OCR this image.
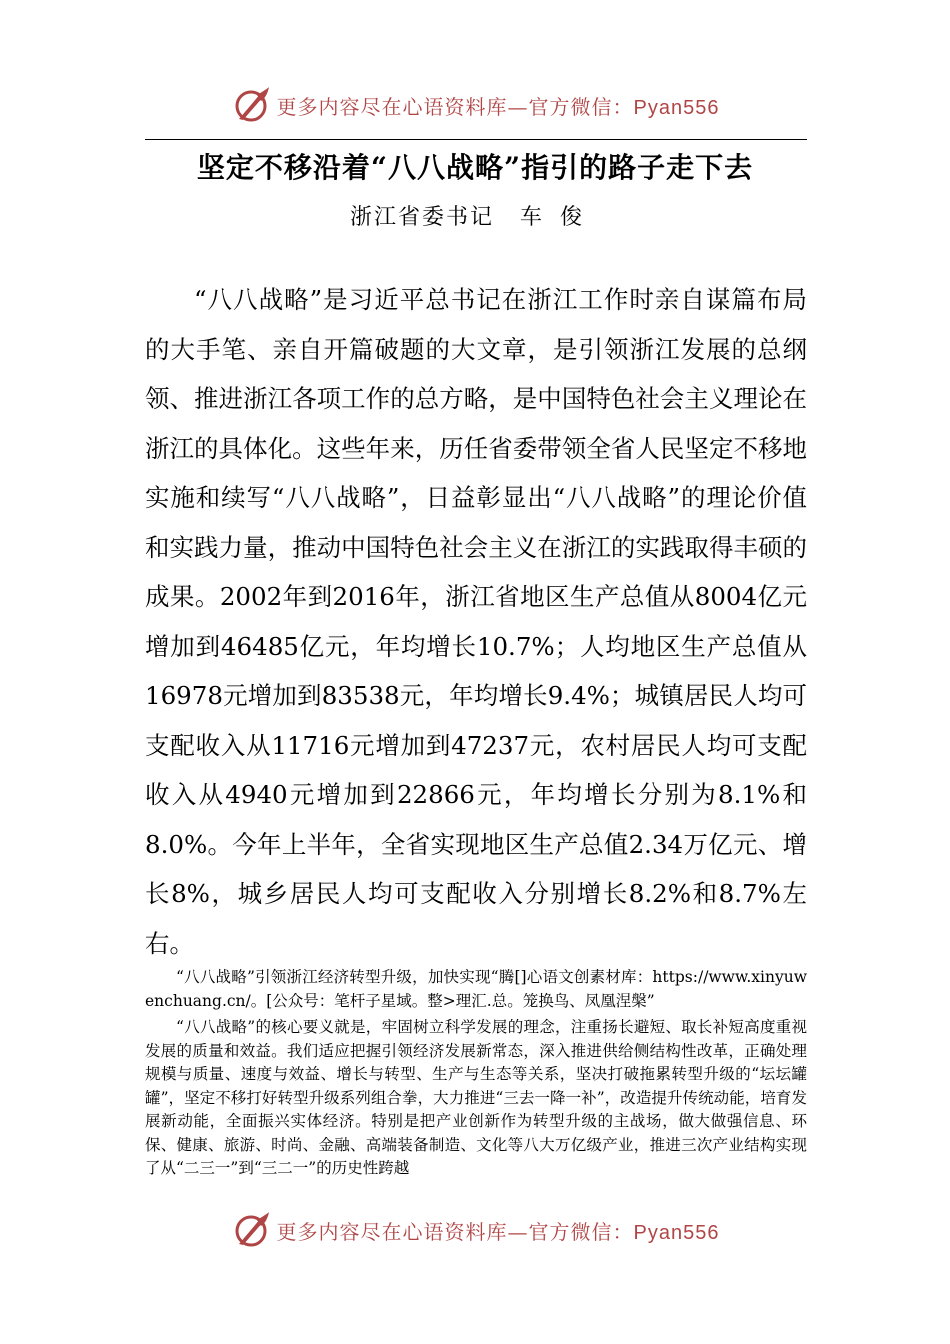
更多内容尽在心语资料库—官方微信：Pyan556
坚定不移沿着“八八战略”指引的路子走下去
浙江省委书记 车俊

“八八战略”是习近平总书记在浙江工作时亲自谋篇布局的大手笔、亲自开篇破题的大文章，是引领浙江发展的总纲领、推进浙江各项工作的总方略，是中国特色社会主义理论在浙江的具体化。这些年来，历任省委带领全省人民坚定不移地实施和续写“八八战略”，日益彰显出“八八战略”的理论价值和实践力量，推动中国特色社会主义在浙江的实践取得丰硕的成果。2002年到2016年，浙江省地区生产总值从8004亿元增加到46485亿元，年均增长10.7%；人均地区生产总值从16978元增加到83538元，年均增长9.4%；城镇居民人均可支配收入从11716元增加到47237元，农村居民人均可支配收入从4940元增加到22866元，年均增长分别为8.1%和8.0%。今年上半年，全省实现地区生产总值2.34万亿元、增长8%，城乡居民人均可支配收入分别增长8.2%和8.7%左右。

“八八战略”引领浙江经济转型升级，加快实现“腾[]心语文创素材库：https://www.xinyuwenchuang.cn/。[公众号：笔杆子星域。整>理汇.总。笼换鸟、凤凰涅槃”

“八八战略”的核心要义就是，牢固树立科学发展的理念，注重扬长避短、取长补短高度重视发展的质量和效益。我们适应把握引领经济发展新常态，深入推进供给侧结构性改革，正确处理规模与质量、速度与效益、增长与转型、生产与生态等关系，坚决打破拖累转型升级的“坛坛罐罐”，坚定不移打好转型升级系列组合拳，大力推进“三去一降一补”，改造提升传统动能，培育发展新动能，全面振兴实体经济。特别是把产业创新作为转型升级的主战场，做大做强信息、环保、健康、旅游、时尚、金融、高端装备制造、文化等八大万亿级产业，推进三次产业结构实现了从“二三一”到“三二一”的历史性跨越

更多内容尽在心语资料库—官方微信：Pyan556
